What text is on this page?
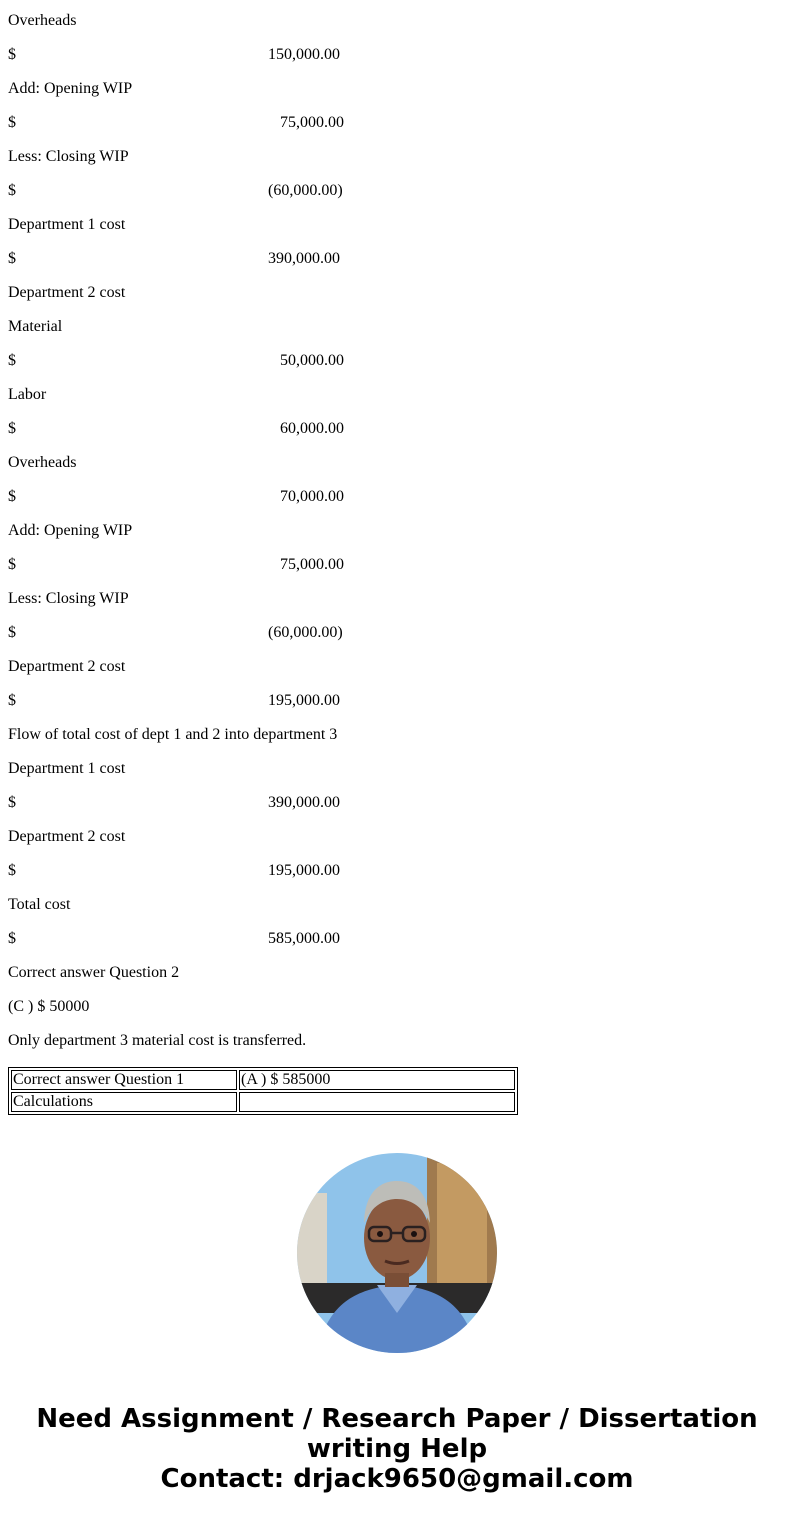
Overheads
$	150,000.00
Add: Opening WIP
$	75,000.00
Less: Closing WIP
$	(60,000.00)
Department 1 cost
$	390,000.00
Department 2 cost
Material
$	50,000.00
Labor
$	60,000.00
Overheads
$	70,000.00
Add: Opening WIP
$	75,000.00
Less: Closing WIP
$	(60,000.00)
Department 2 cost
$	195,000.00
Flow of total cost of dept 1 and 2 into department 3
Department 1 cost
$	390,000.00
Department 2 cost
$	195,000.00
Total cost
$	585,000.00
Correct answer Question 2
(C ) $ 50000
Only department 3 material cost is transferred.
Correct answer Question 1	(A ) $ 585000
Calculations	
Need Assignment / Research Paper / Dissertation
writing Help
Contact: drjack9650@gmail.com
